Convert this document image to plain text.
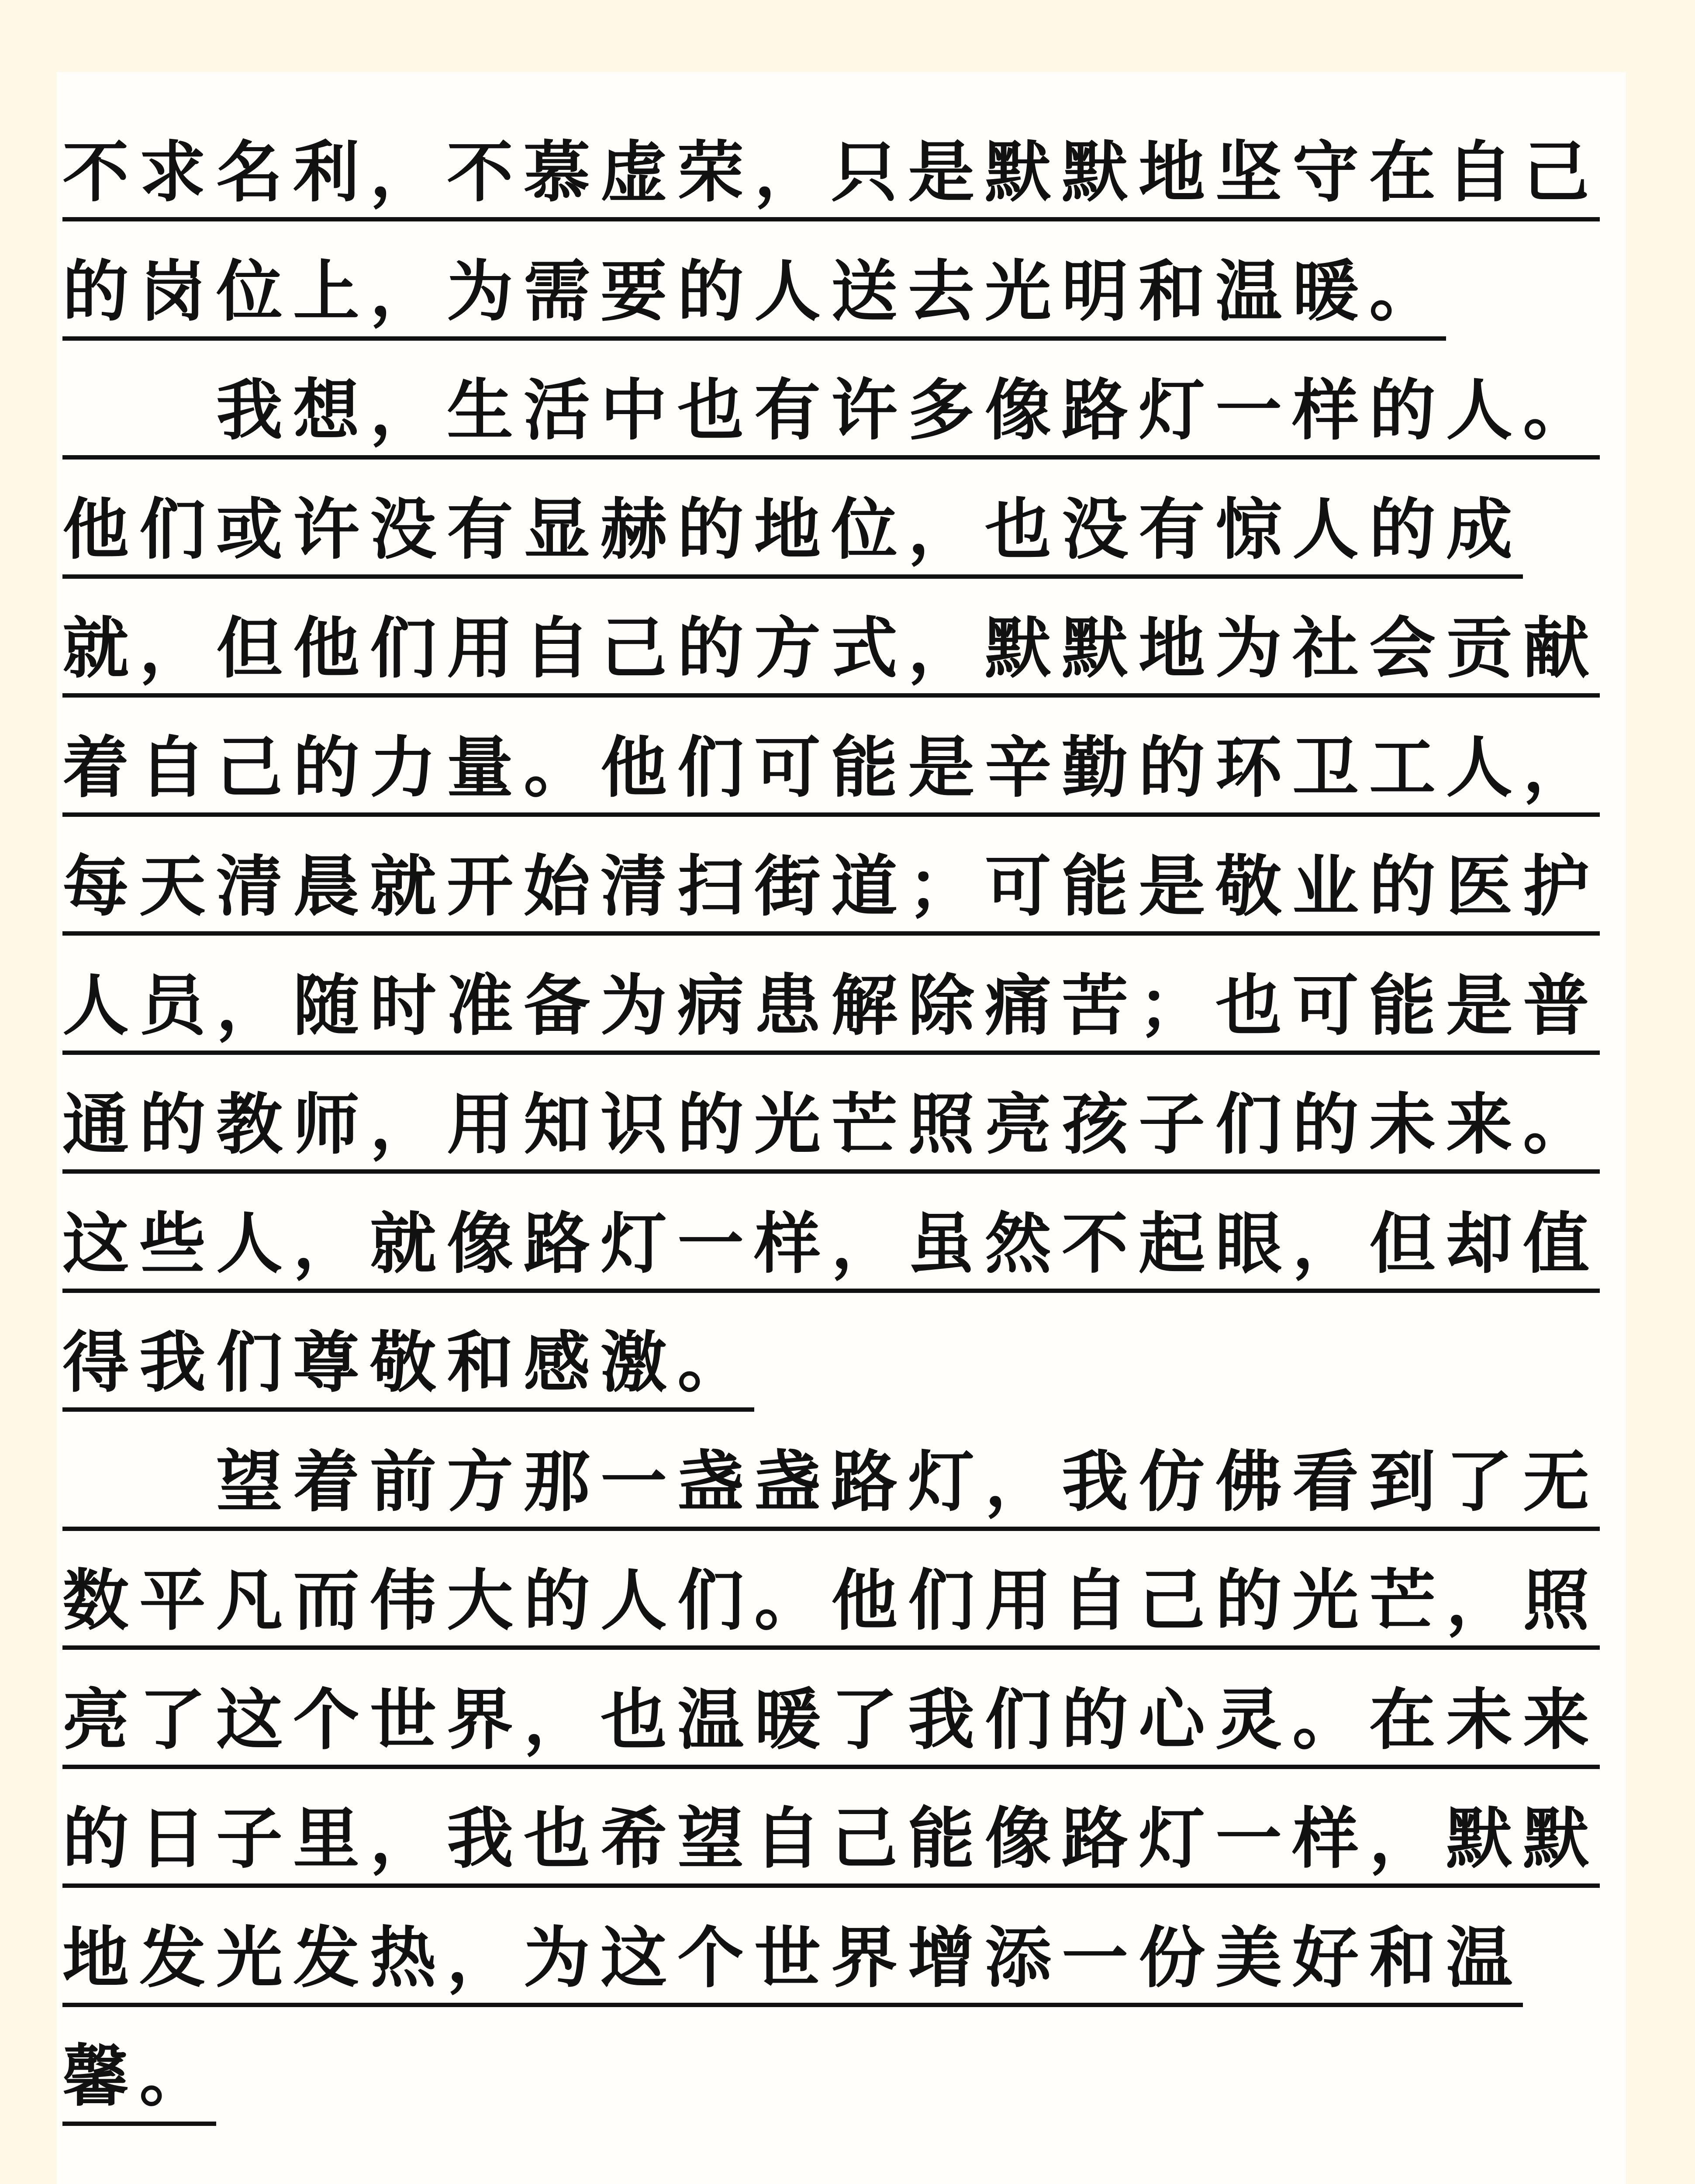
不求名利，不慕虚荣，只是默默地坚守在自己
的岗位上，为需要的人送去光明和温暖。
我想，生活中也有许多像路灯一样的人。
他们或许没有显赫的地位，也没有惊人的成
就，但他们用自己的方式，默默地为社会贡献
着自己的力量。他们可能是辛勤的环卫工人，
每天清晨就开始清扫街道；可能是敬业的医护
人员，随时准备为病患解除痛苦；也可能是普
通的教师，用知识的光芒照亮孩子们的未来。
这些人，就像路灯一样，虽然不起眼，但却值
得我们尊敬和感激。
望着前方那一盏盏路灯，我仿佛看到了无
数平凡而伟大的人们。他们用自己的光芒，照
亮了这个世界，也温暖了我们的心灵。在未来
的日子里，我也希望自己能像路灯一样，默默
地发光发热，为这个世界增添一份美好和温
馨。
